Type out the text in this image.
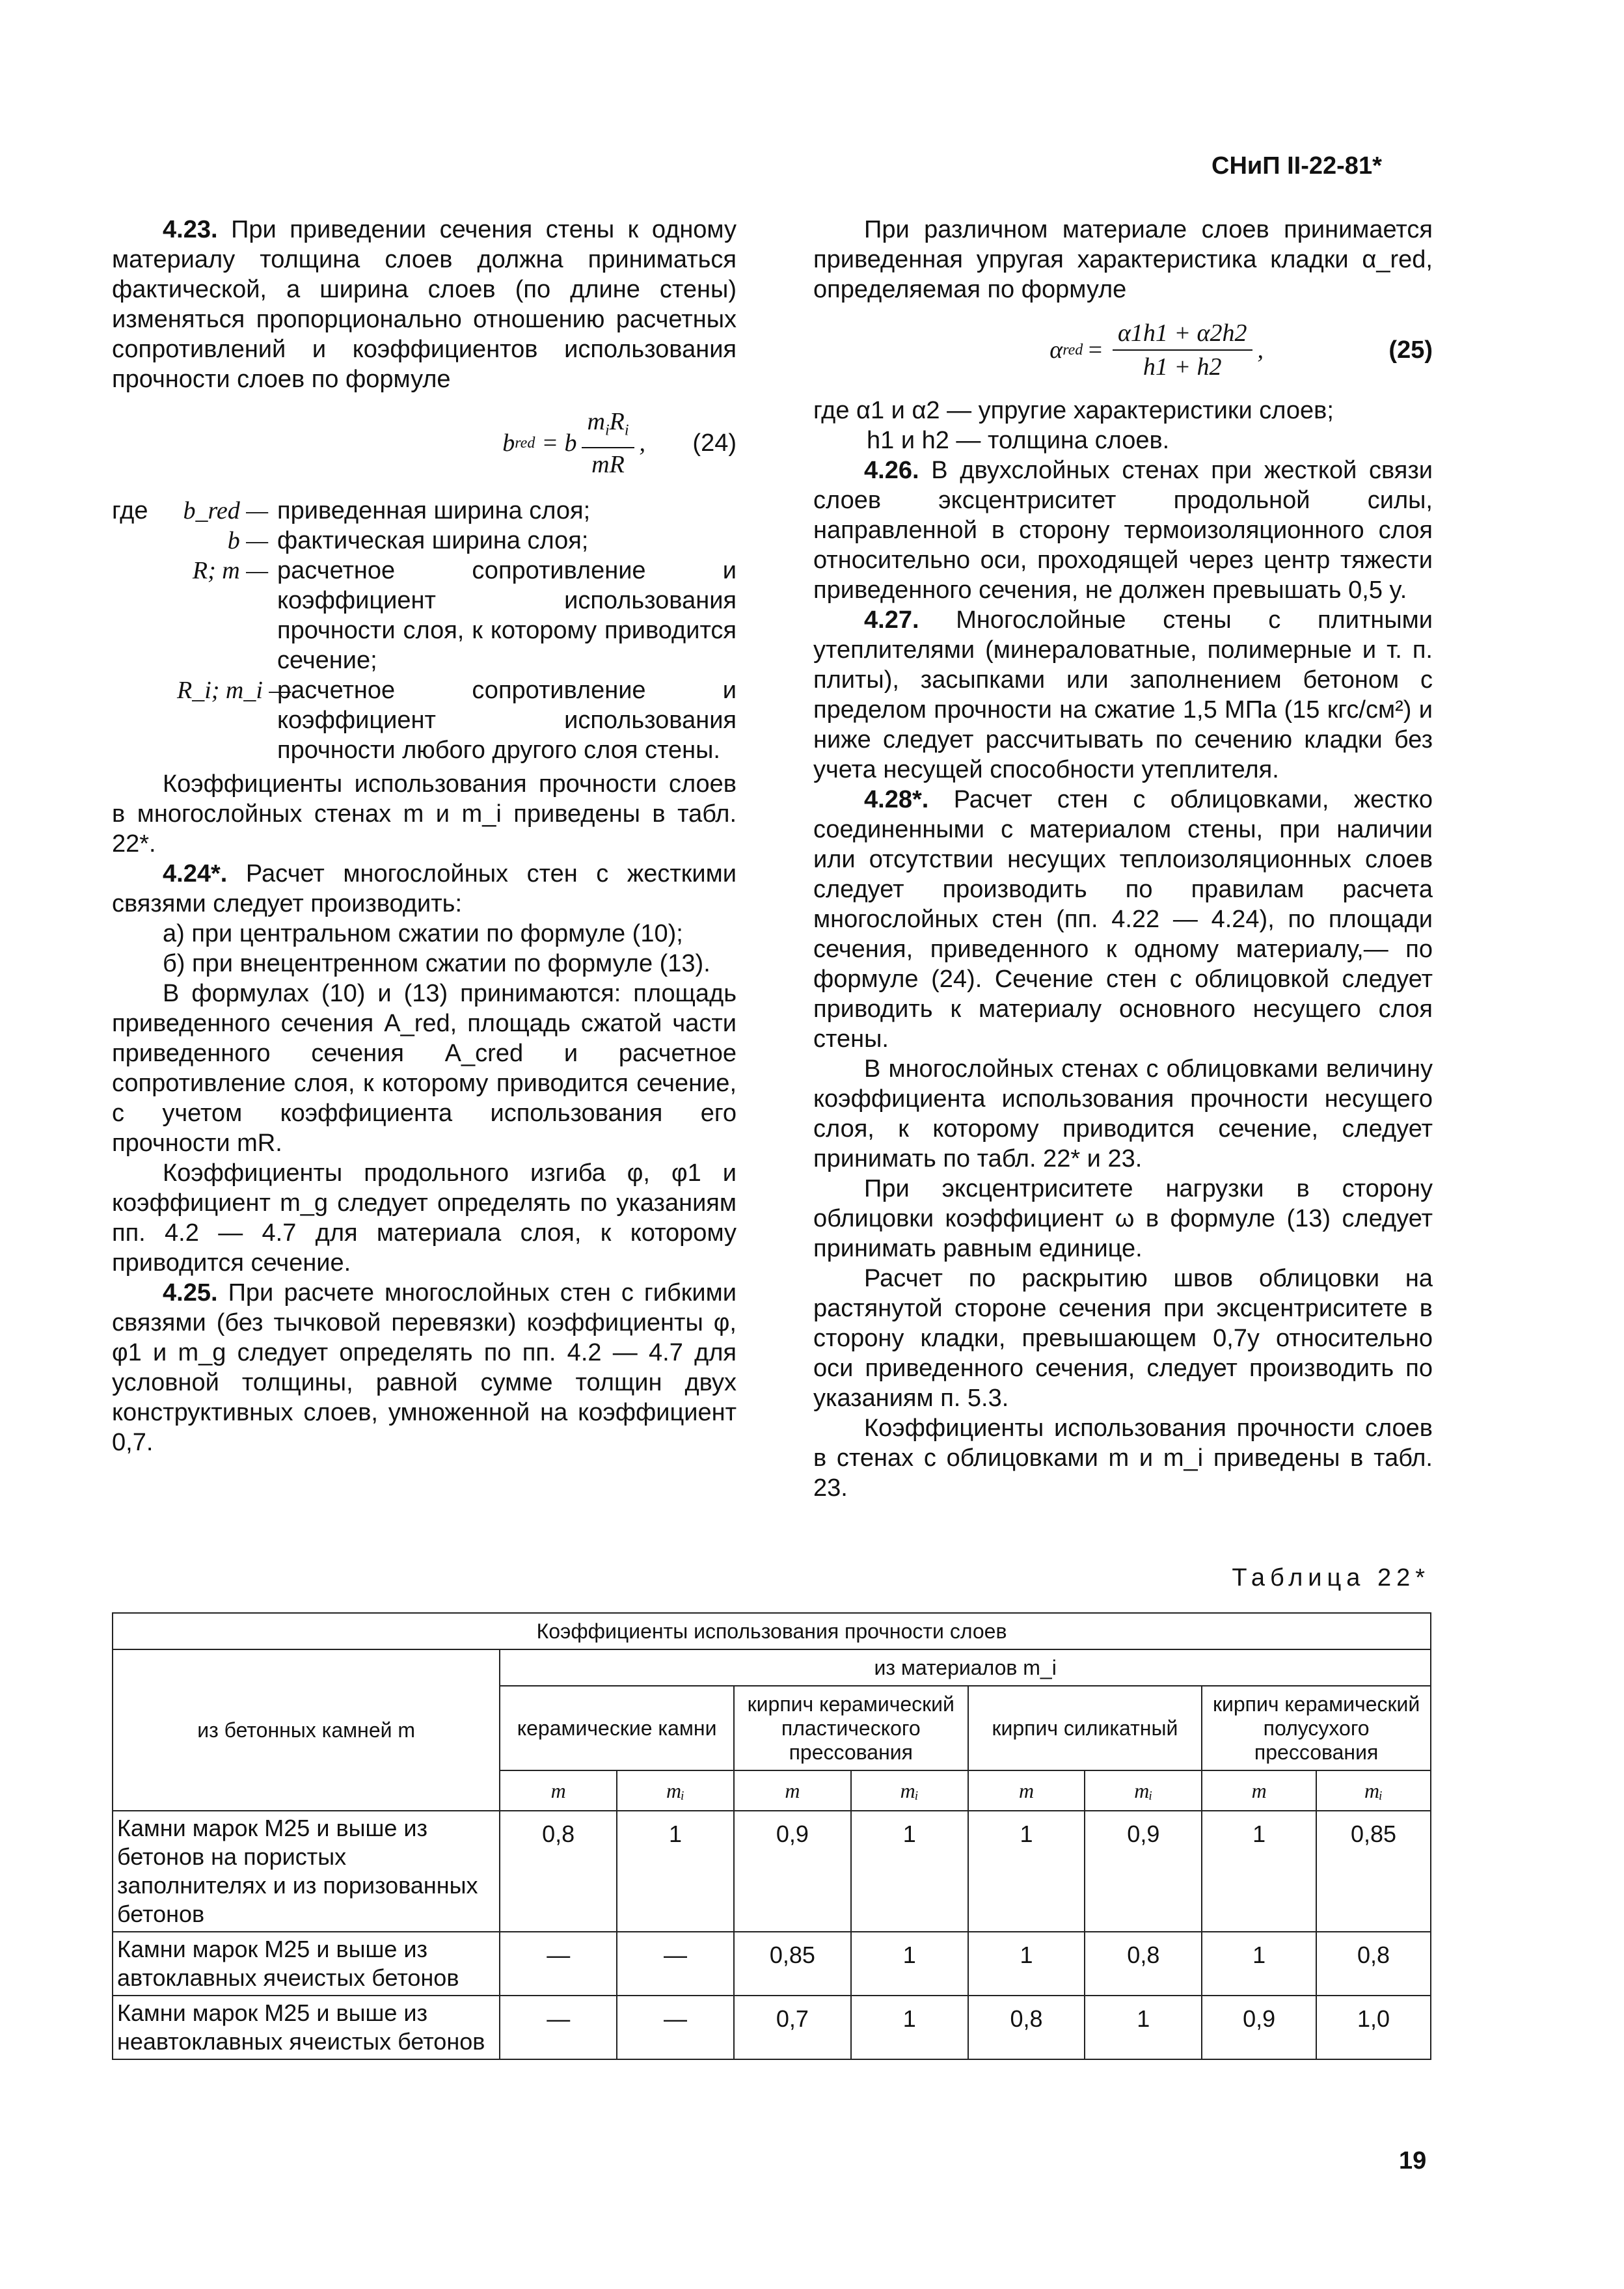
СНиП II-22-81*

4.23. При приведении сечения стены к одному материалу толщина слоев должна приниматься фактической, а ширина слоев (по длине стены) изменяться пропорционально отношению расчетных сопротивлений и коэффициентов использования прочности слоев по формуле

b red = b $\frac{m_iR_i}{mR}$ ,	(24)
где	b_red — приведенная ширина слоя;
b — фактическая ширина слоя;
R; m — расчетное сопротивление и коэффициент использования прочности слоя, к которому приводится сечение;
R_i; m_i —
расчетное сопротивление и коэффициент использования прочности любого другого слоя стены.

Коэффициенты использования прочности слоев в многослойных стенах m и m_i приведены в табл. 22*.

4.24*. Расчет многослойных стен с жесткими связями следует производить:

а) при центральном сжатии по формуле (10);

б) при внецентренном сжатии по формуле (13).

В формулах (10) и (13) принимаются: площадь приведенного сечения A_red, площадь сжатой части приведенного сечения A_cred и расчетное сопротивление слоя, к которому приводится сечение, с учетом коэффициента использования его прочности mR.

Коэффициенты продольного изгиба φ, φ1 и коэффициент m_g следует определять по указаниям пп. 4.2 — 4.7 для материала слоя, к которому приводится сечение.

4.25. При расчете многослойных стен с гибкими связями (без тычковой перевязки) коэффициенты φ, φ1 и m_g следует определять по пп. 4.2 — 4.7 для условной толщины, равной сумме толщин двух конструктивных слоев, умноженной на коэффициент 0,7.

При различном материале слоев принимается приведенная упругая характеристика кладки α_red, определяемая по формуле

α red = $\frac{\alpha 1h1 + \alpha 2h2}{h1 + h2}$ ,	(25)

где α1 и α2 — упругие характеристики слоев;

h1 и h2 — толщина слоев.

4.26. В двухслойных стенах при жесткой связи слоев эксцентриситет продольной силы, направленной в сторону термоизоляционного слоя относительно оси, проходящей через центр тяжести приведенного сечения, не должен превышать 0,5 y.

4.27. Многослойные стены с плитными утеплителями (минераловатные, полимерные и т. п. плиты), засыпками или заполнением бетоном с пределом прочности на сжатие 1,5 МПа (15 кгс/см²) и ниже следует рассчитывать по сечению кладки без учета несущей способности утеплителя.

4.28*. Расчет стен с облицовками, жестко соединенными с материалом стены, при наличии или отсутствии несущих теплоизоляционных слоев следует производить по правилам расчета многослойных стен (пп. 4.22 — 4.24), по площади сечения, приведенного к одному материалу,— по формуле (24). Сечение стен с облицовкой следует приводить к материалу основного несущего слоя стены.

В многослойных стенах с облицовками величину коэффициента использования прочности несущего слоя, к которому приводится сечение, следует принимать по табл. 22* и 23.

При эксцентриситете нагрузки в сторону облицовки коэффициент ω в формуле (13) следует принимать равным единице.

Расчет по раскрытию швов облицовки на растянутой стороне сечения при эксцентриситете в сторону кладки, превышающем 0,7y относительно оси приведенного сечения, следует производить по указаниям п. 5.3.

Коэффициенты использования прочности слоев в стенах с облицовками m и m_i приведены в табл. 23.

Таблица 22*
Коэффициенты использования прочности слоев								
из бетонных камней m	из материалов m_i							
	керамические камни		кирпич керамический пластического прессования		кирпич силикатный		кирпич керамический полусухого прессования	
	m	mᵢ	m	mᵢ	m	mᵢ	m	mᵢ
Камни марок М25 и выше из бетонов на пористых заполнителях и из поризованных бетонов	0,8	1	0,9	1	1	0,9	1	0,85
Камни марок М25 и выше из автоклавных ячеистых бетонов	—	—	0,85	1	1	0,8	1	0,8
Камни марок М25 и выше из неавтоклавных ячеистых бетонов	—	—	0,7	1	0,8	1	0,9	1,0
19
